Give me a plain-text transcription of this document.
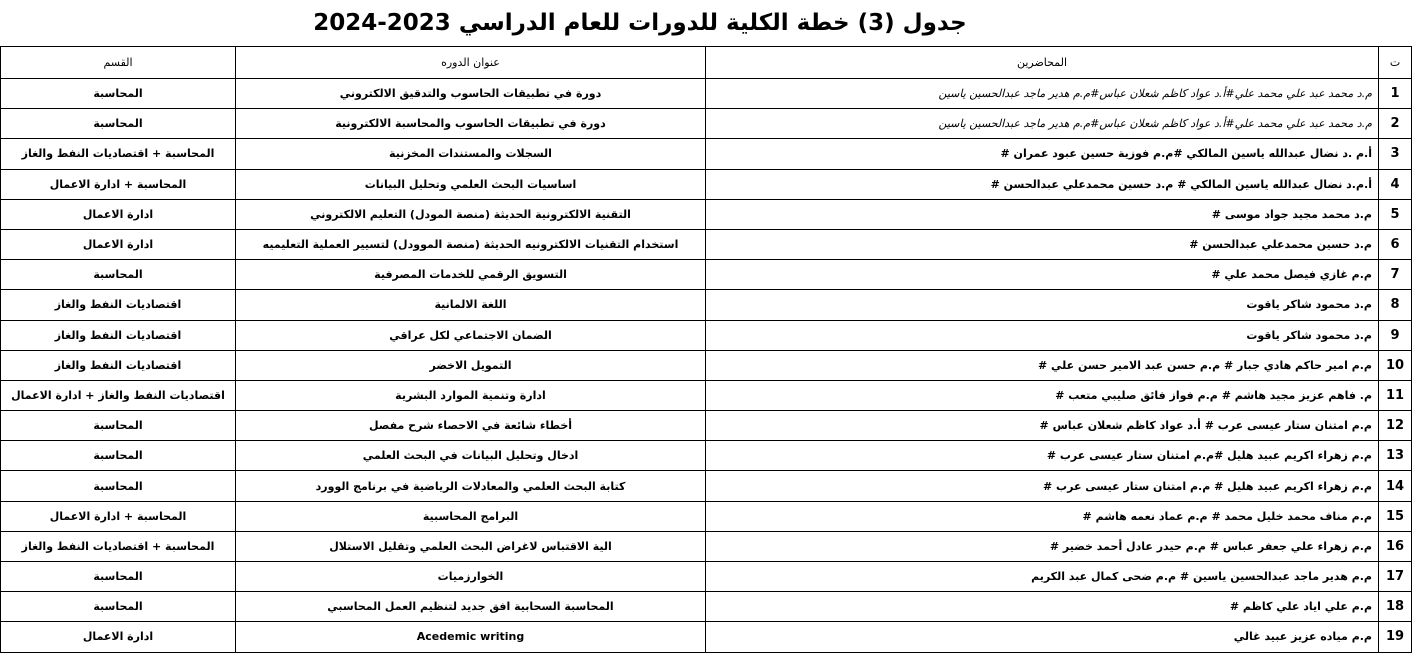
جدول (3) خطة الكلية للدورات للعام الدراسي 2023-2024
ت	المحاضرين	عنوان الدوره	القسم
1	م.د محمد عبد علي محمد علي#أ.د عواد كاظم شعلان عباس#م.م هدير ماجد عبدالحسين ياسين	دورة في تطبيقات الحاسوب والتدقيق الالكتروني	المحاسبة
2	م.د محمد عبد علي محمد علي#أ.د عواد كاظم شعلان عباس#م.م هدير ماجد عبدالحسين ياسين	دورة في تطبيقات الحاسوب والمحاسبة الالكترونية	المحاسبة
3	أ.م .د نضال عبدالله ياسين المالكي #م.م فوزية حسين عبود عمران #	السجلات والمستندات المخزنية	المحاسبة + اقتصاديات النفط والغاز
4	أ.م.د نضال عبدالله ياسين المالكي # م.د حسين محمدعلي عبدالحسن #	اساسيات البحث العلمي وتحليل البيانات	المحاسبة + ادارة الاعمال
5	م.د محمد مجيد جواد موسى #	التقنية الالكترونية الحديثة (منصة المودل) التعليم الالكتروني	ادارة الاعمال
6	م.د حسين محمدعلي عبدالحسن #	استخدام التقنيات الالكترونيه الحديثة (منصة الموودل) لتسيير العملية التعليميه	ادارة الاعمال
7	م.م غازي فيصل محمد علي #	التسويق الرقمي للخدمات المصرفية	المحاسبة
8	م.د محمود شاكر ياقوت	اللغة الالمانية	اقتصاديات النفط والغاز
9	م.د محمود شاكر ياقوت	الضمان الاجتماعي لكل عراقي	اقتصاديات النفط والغاز
10	م.م امير حاكم هادي جبار # م.م حسن عبد الامير حسن علي #	التمويل الاخضر	اقتصاديات النفط والغاز
11	م. فاهم عزيز مجيد هاشم # م.م فواز فائق صليبي متعب #	ادارة وتنمية الموارد البشرية	اقتصاديات النفط والغاز + ادارة الاعمال
12	م.م امتنان ستار عيسى عرب # أ.د عواد كاظم شعلان عباس #	أخطاء شائعة في الاحصاء شرح مفصل	المحاسبة
13	م.م زهراء اكريم عبيد هليل #م.م امتنان ستار عيسى عرب #	ادخال وتحليل البيانات في البحث العلمي	المحاسبة
14	م.م زهراء اكريم عبيد هليل # م.م امتنان ستار عيسى عرب #	كتابة البحث العلمي والمعادلات الرياضية في برنامج الوورد	المحاسبة
15	م.م مناف محمد خليل محمد # م.م عماد نعمه هاشم #	البرامج المحاسبية	المحاسبة + ادارة الاعمال
16	م.م زهراء علي جعفر عباس # م.م حيدر عادل أحمد خضير #	الية الاقتباس لاغراض البحث العلمي وتقليل الاستلال	المحاسبة + اقتصاديات النفط والغاز
17	م.م هدير ماجد عبدالحسين ياسين # م.م ضحى كمال عبد الكريم	الخوارزميات	المحاسبة
18	م.م علي اياد علي كاظم #	المحاسبة السحابية افق جديد لتنظيم العمل المحاسبي	المحاسبة
19	م.م مياده عزيز عبيد غالي	Acedemic writing	ادارة الاعمال
